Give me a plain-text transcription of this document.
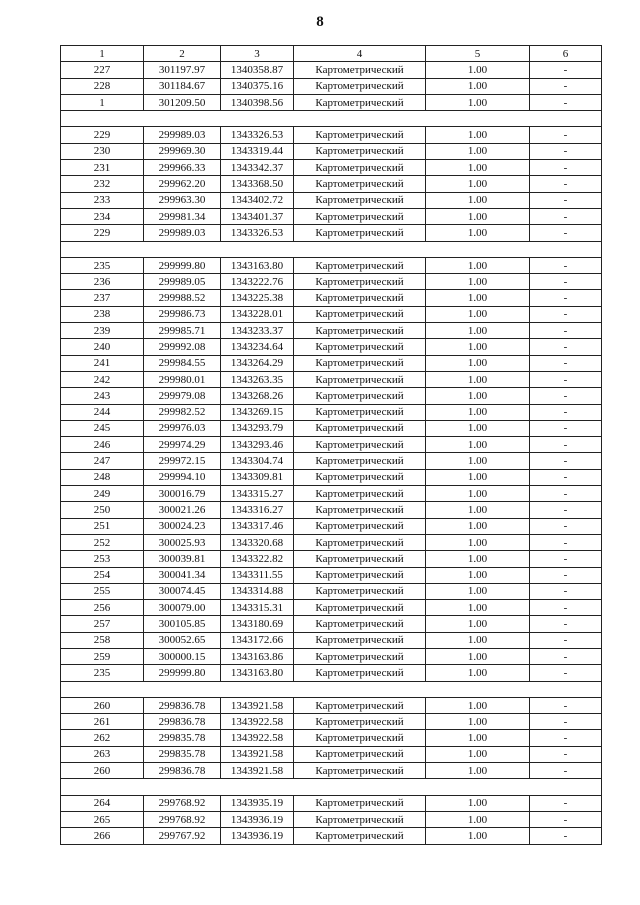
8
1	2	3	4	5	6
227	301197.97	1340358.87	Картометрический	1.00	-
228	301184.67	1340375.16	Картометрический	1.00	-
1	301209.50	1340398.56	Картометрический	1.00	-

229	299989.03	1343326.53	Картометрический	1.00	-
230	299969.30	1343319.44	Картометрический	1.00	-
231	299966.33	1343342.37	Картометрический	1.00	-
232	299962.20	1343368.50	Картометрический	1.00	-
233	299963.30	1343402.72	Картометрический	1.00	-
234	299981.34	1343401.37	Картометрический	1.00	-
229	299989.03	1343326.53	Картометрический	1.00	-

235	299999.80	1343163.80	Картометрический	1.00	-
236	299989.05	1343222.76	Картометрический	1.00	-
237	299988.52	1343225.38	Картометрический	1.00	-
238	299986.73	1343228.01	Картометрический	1.00	-
239	299985.71	1343233.37	Картометрический	1.00	-
240	299992.08	1343234.64	Картометрический	1.00	-
241	299984.55	1343264.29	Картометрический	1.00	-
242	299980.01	1343263.35	Картометрический	1.00	-
243	299979.08	1343268.26	Картометрический	1.00	-
244	299982.52	1343269.15	Картометрический	1.00	-
245	299976.03	1343293.79	Картометрический	1.00	-
246	299974.29	1343293.46	Картометрический	1.00	-
247	299972.15	1343304.74	Картометрический	1.00	-
248	299994.10	1343309.81	Картометрический	1.00	-
249	300016.79	1343315.27	Картометрический	1.00	-
250	300021.26	1343316.27	Картометрический	1.00	-
251	300024.23	1343317.46	Картометрический	1.00	-
252	300025.93	1343320.68	Картометрический	1.00	-
253	300039.81	1343322.82	Картометрический	1.00	-
254	300041.34	1343311.55	Картометрический	1.00	-
255	300074.45	1343314.88	Картометрический	1.00	-
256	300079.00	1343315.31	Картометрический	1.00	-
257	300105.85	1343180.69	Картометрический	1.00	-
258	300052.65	1343172.66	Картометрический	1.00	-
259	300000.15	1343163.86	Картометрический	1.00	-
235	299999.80	1343163.80	Картометрический	1.00	-

260	299836.78	1343921.58	Картометрический	1.00	-
261	299836.78	1343922.58	Картометрический	1.00	-
262	299835.78	1343922.58	Картометрический	1.00	-
263	299835.78	1343921.58	Картометрический	1.00	-
260	299836.78	1343921.58	Картометрический	1.00	-

264	299768.92	1343935.19	Картометрический	1.00	-
265	299768.92	1343936.19	Картометрический	1.00	-
266	299767.92	1343936.19	Картометрический	1.00	-
